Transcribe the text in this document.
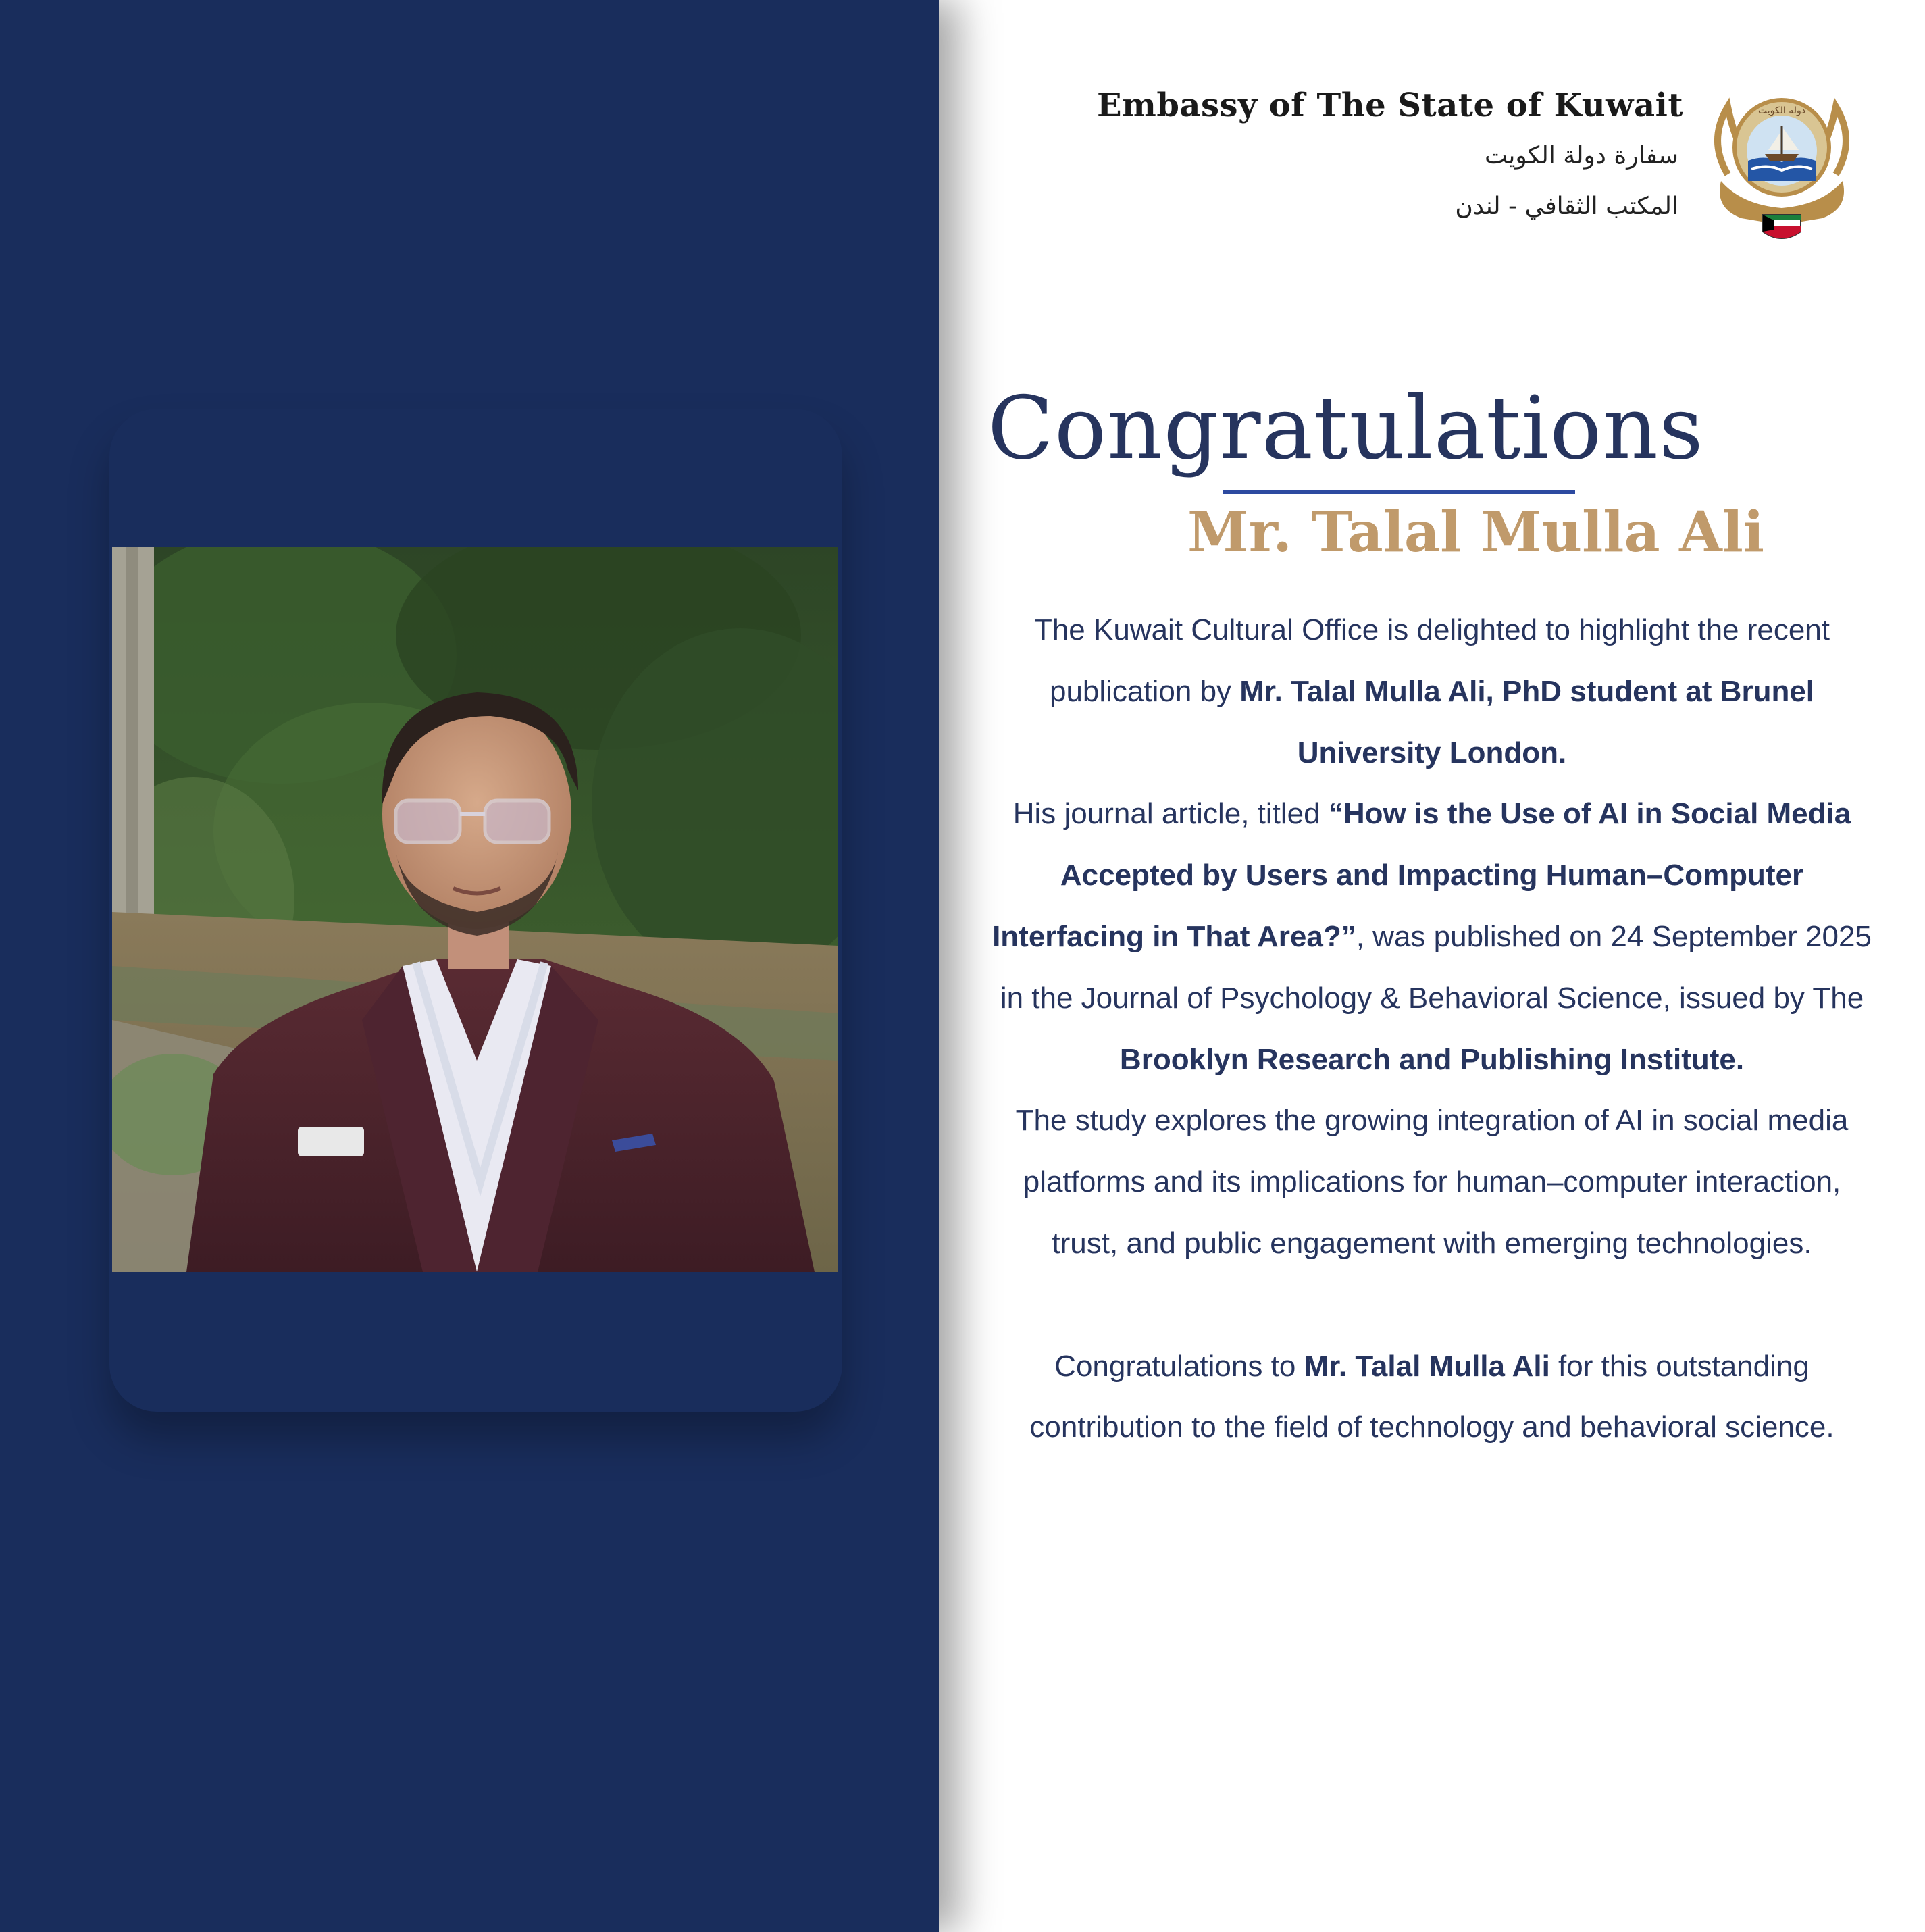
Embassy of The State of Kuwait
سفارة دولة الكويت
المكتب الثقافي - لندن
دولة الكويت
Congratulations
Mr. Talal Mulla Ali

The Kuwait Cultural Office is delighted to highlight the recent publication by Mr. Talal Mulla Ali, PhD student at Brunel University London.

His journal article, titled “How is the Use of AI in Social Media Accepted by Users and Impacting Human–Computer Interfacing in That Area?”, was published on 24 September 2025 in the Journal of Psychology & Behavioral Science, issued by The Brooklyn Research and Publishing Institute.

The study explores the growing integration of AI in social media platforms and its implications for human–computer interaction, trust, and public engagement with emerging technologies.

Congratulations to Mr. Talal Mulla Ali for this outstanding contribution to the field of technology and behavioral science.
